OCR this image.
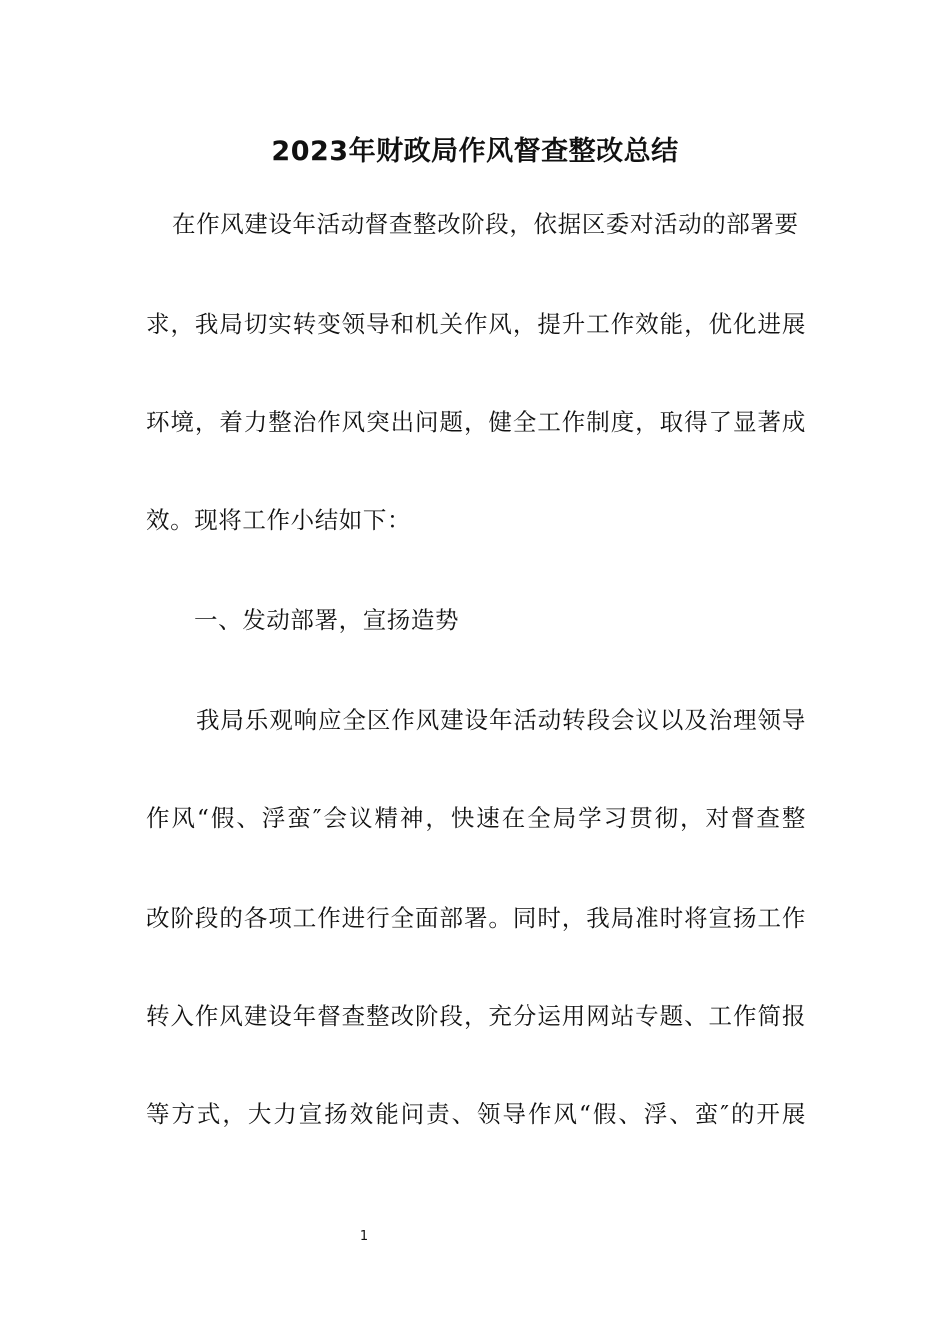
2023年财政局作风督查整改总结
在作风建设年活动督查整改阶段，依据区委对活动的部署要
求，我局切实转变领导和机关作风，提升工作效能，优化进展
环境，着力整治作风突出问题，健全工作制度，取得了显著成
效。现将工作小结如下：
一、发动部署，宣扬造势
我局乐观响应全区作风建设年活动转段会议以及治理领导
作风“假、浮蛮″会议精神，快速在全局学习贯彻，对督查整
改阶段的各项工作进行全面部署。同时，我局准时将宣扬工作
转入作风建设年督查整改阶段，充分运用网站专题、工作简报
等方式，大力宣扬效能问责、领导作风“假、浮、蛮″的开展
1
